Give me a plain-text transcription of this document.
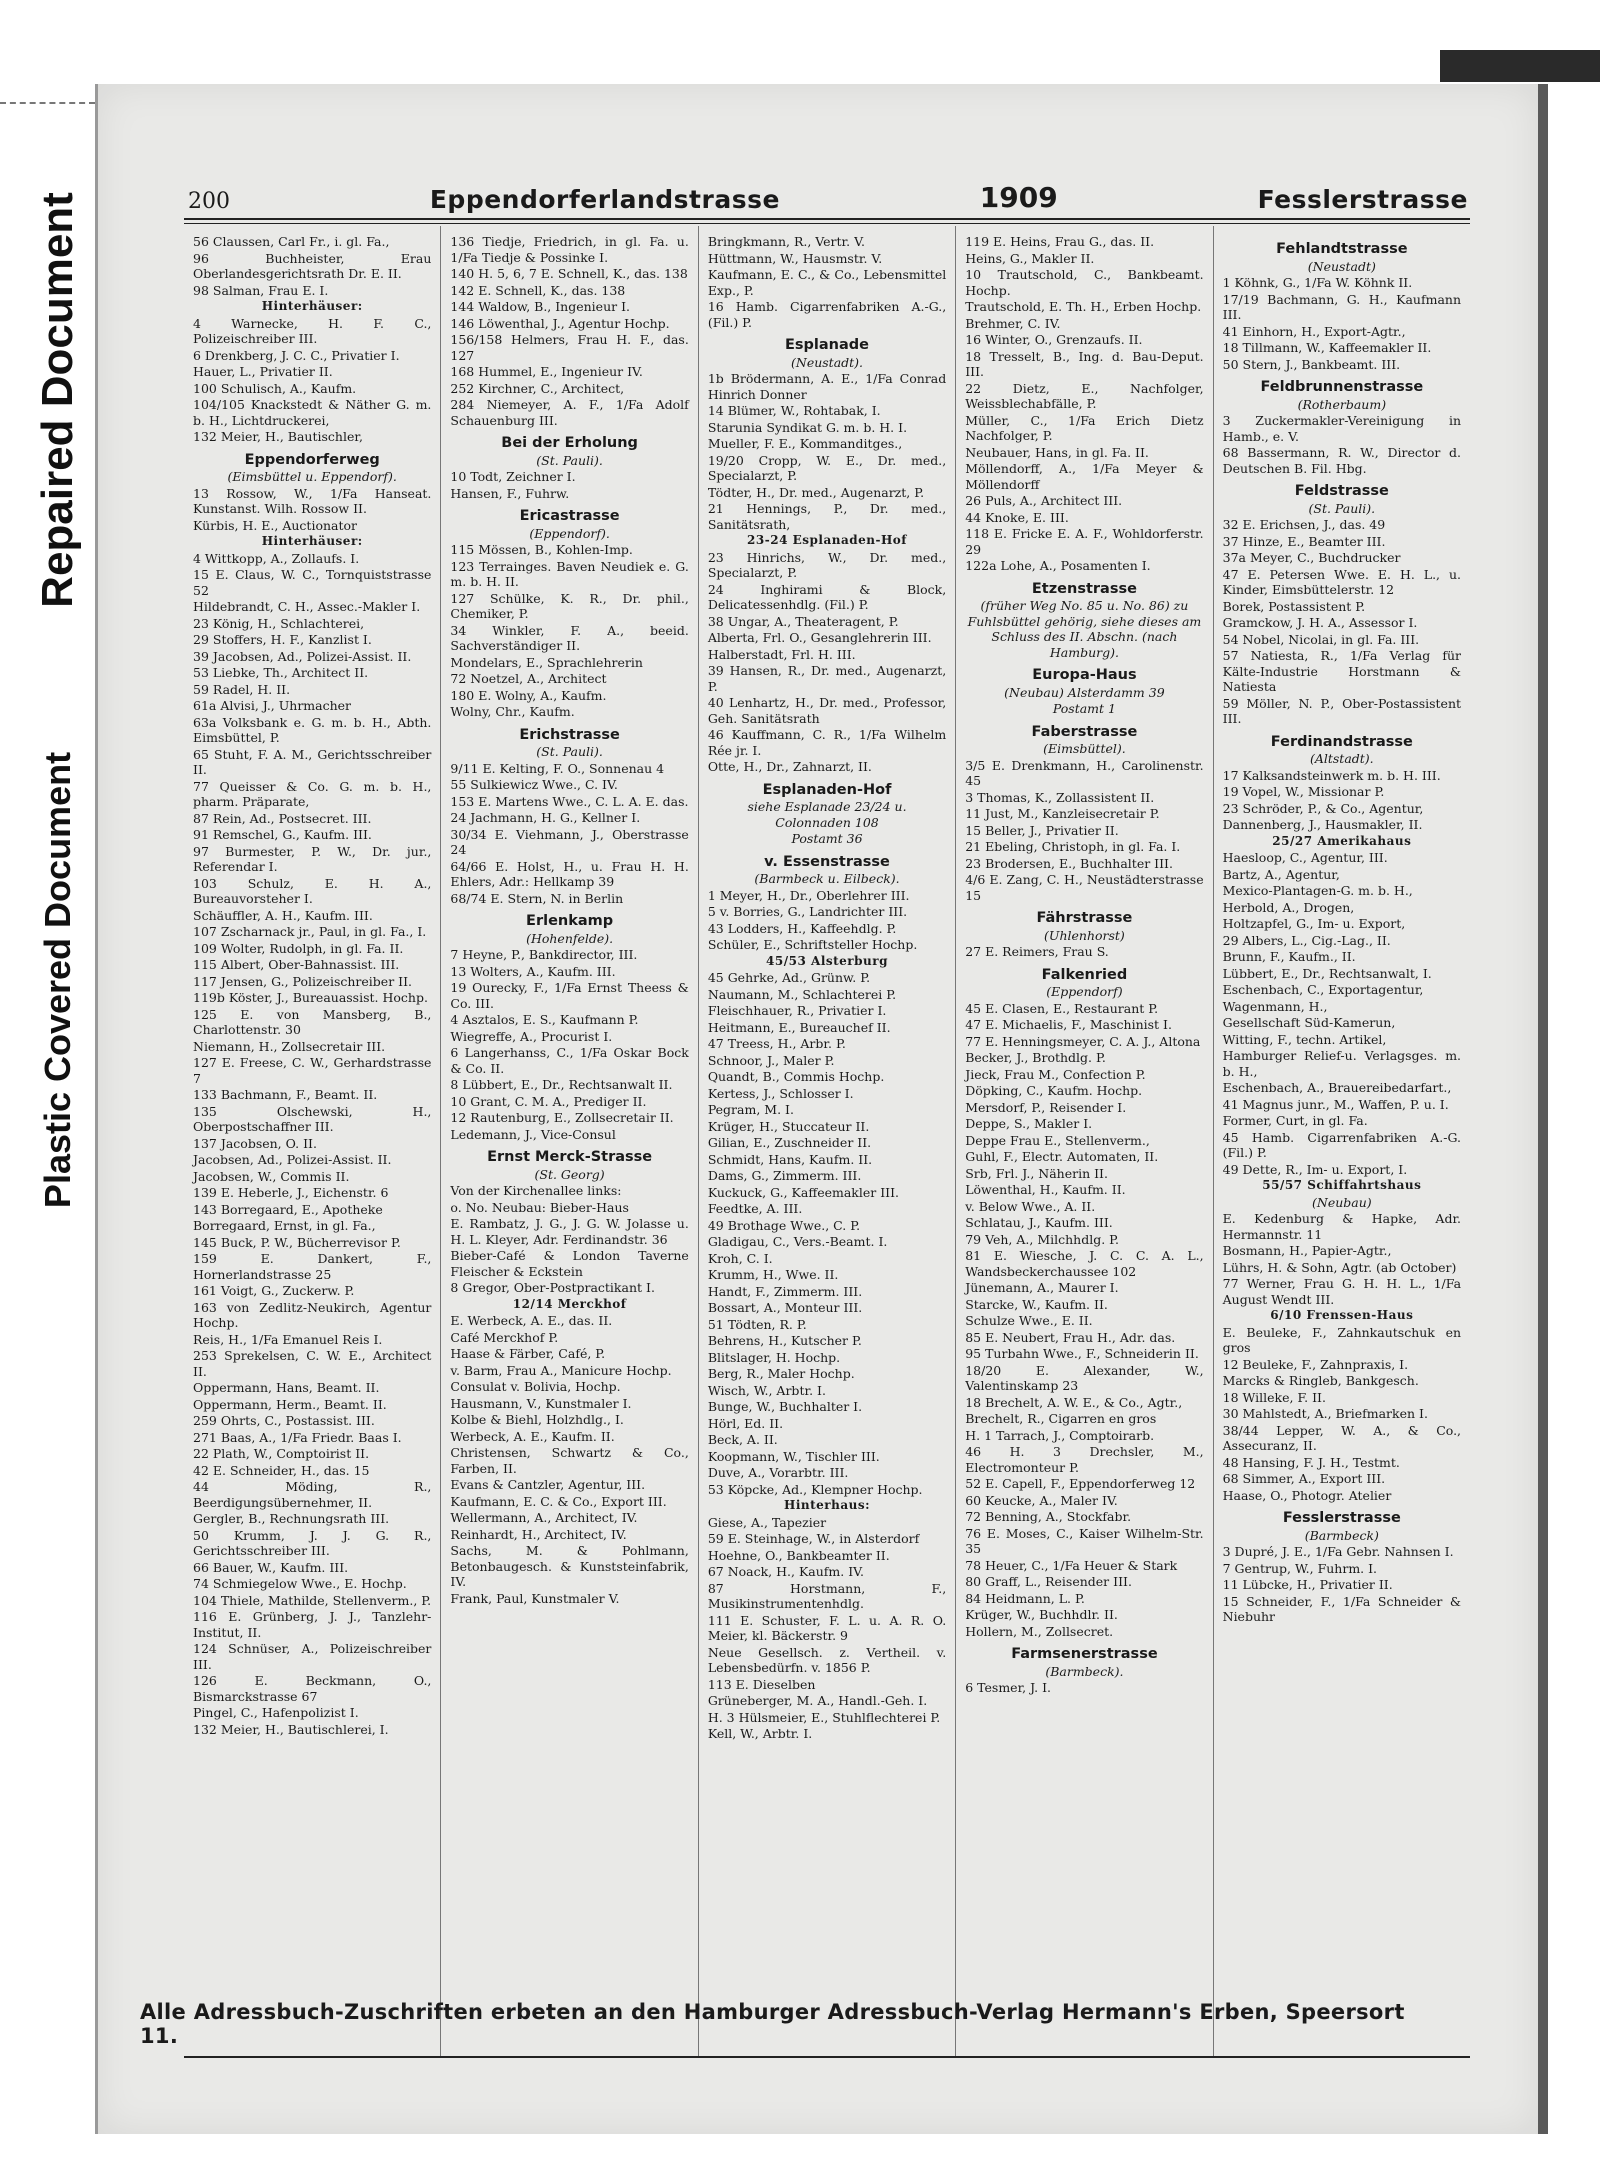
Repaired Document
Plastic Covered Document
200	Eppendorferlandstrasse	1909	Fesslerstrasse
56 Claussen, Carl Fr., i. gl. Fa.,
96 Buchheister, Erau Oberlandesgerichtsrath Dr. E. II.
98 Salman, Frau E. I.
Hinterhäuser:
4 Warnecke, H. F. C., Polizeischreiber III.
6 Drenkberg, J. C. C., Privatier I.
Hauer, L., Privatier II.
100 Schulisch, A., Kaufm.
104/105 Knackstedt & Näther G. m. b. H., Lichtdruckerei,
132 Meier, H., Bautischler,
Eppendorferweg
(Eimsbüttel u. Eppendorf).
13 Rossow, W., 1/Fa Hanseat. Kunstanst. Wilh. Rossow II.
Kürbis, H. E., Auctionator
Hinterhäuser:
4 Wittkopp, A., Zollaufs. I.
15 E. Claus, W. C., Tornquiststrasse 52
Hildebrandt, C. H., Assec.-Makler I.
23 König, H., Schlachterei,
29 Stoffers, H. F., Kanzlist I.
39 Jacobsen, Ad., Polizei-Assist. II.
53 Liebke, Th., Architect II.
59 Radel, H. II.
61a Alvisi, J., Uhrmacher
63a Volksbank e. G. m. b. H., Abth. Eimsbüttel, P.
65 Stuht, F. A. M., Gerichtsschreiber II.
77 Queisser & Co. G. m. b. H., pharm. Präparate,
87 Rein, Ad., Postsecret. III.
91 Remschel, G., Kaufm. III.
97 Burmester, P. W., Dr. jur., Referendar I.
103 Schulz, E. H. A., Bureauvorsteher I.
Schäuffler, A. H., Kaufm. III.
107 Zscharnack jr., Paul, in gl. Fa., I.
109 Wolter, Rudolph, in gl. Fa. II.
115 Albert, Ober-Bahnassist. III.
117 Jensen, G., Polizeischreiber II.
119b Köster, J., Bureauassist. Hochp.
125 E. von Mansberg, B., Charlottenstr. 30
Niemann, H., Zollsecretair III.
127 E. Freese, C. W., Gerhardstrasse 7
133 Bachmann, F., Beamt. II.
135 Olschewski, H., Oberpostschaffner III.
137 Jacobsen, O. II.
Jacobsen, Ad., Polizei-Assist. II.
Jacobsen, W., Commis II.
139 E. Heberle, J., Eichenstr. 6
143 Borregaard, E., Apotheke
Borregaard, Ernst, in gl. Fa.,
145 Buck, P. W., Bücherrevisor P.
159 E. Dankert, F., Hornerlandstrasse 25
161 Voigt, G., Zuckerw. P.
163 von Zedlitz-Neukirch, Agentur Hochp.
Reis, H., 1/Fa Emanuel Reis I.
253 Sprekelsen, C. W. E., Architect II.
Oppermann, Hans, Beamt. II.
Oppermann, Herm., Beamt. II.
259 Ohrts, C., Postassist. III.
271 Baas, A., 1/Fa Friedr. Baas I.
22 Plath, W., Comptoirist II.
42 E. Schneider, H., das. 15
44 Möding, R., Beerdigungsübernehmer, II.
Gergler, B., Rechnungsrath III.
50 Krumm, J. J. G. R., Gerichtsschreiber III.
66 Bauer, W., Kaufm. III.
74 Schmiegelow Wwe., E. Hochp.
104 Thiele, Mathilde, Stellenverm., P.
116 E. Grünberg, J. J., Tanzlehr-Institut, II.
124 Schnüser, A., Polizeischreiber III.
126 E. Beckmann, O., Bismarckstrasse 67
Pingel, C., Hafenpolizist I.
132 Meier, H., Bautischlerei, I.
136 Tiedje, Friedrich, in gl. Fa. u. 1/Fa Tiedje & Possinke I.
140 H. 5, 6, 7 E. Schnell, K., das. 138
142 E. Schnell, K., das. 138
144 Waldow, B., Ingenieur I.
146 Löwenthal, J., Agentur Hochp.
156/158 Helmers, Frau H. F., das. 127
168 Hummel, E., Ingenieur IV.
252 Kirchner, C., Architect,
284 Niemeyer, A. F., 1/Fa Adolf Schauenburg III.
Bei der Erholung
(St. Pauli).
10 Todt, Zeichner I.
Hansen, F., Fuhrw.
Ericastrasse
(Eppendorf).
115 Mössen, B., Kohlen-Imp.
123 Terrainges. Baven Neudiek e. G. m. b. H. II.
127 Schülke, K. R., Dr. phil., Chemiker, P.
34 Winkler, F. A., beeid. Sachverständiger II.
Mondelars, E., Sprachlehrerin
72 Noetzel, A., Architect
180 E. Wolny, A., Kaufm.
Wolny, Chr., Kaufm.
Erichstrasse
(St. Pauli).
9/11 E. Kelting, F. O., Sonnenau 4
55 Sulkiewicz Wwe., C. IV.
153 E. Martens Wwe., C. L. A. E. das.
24 Jachmann, H. G., Kellner I.
30/34 E. Viehmann, J., Oberstrasse 24
64/66 E. Holst, H., u. Frau H. H. Ehlers, Adr.: Hellkamp 39
68/74 E. Stern, N. in Berlin
Erlenkamp
(Hohenfelde).
7 Heyne, P., Bankdirector, III.
13 Wolters, A., Kaufm. III.
19 Ourecky, F., 1/Fa Ernst Theess & Co. III.
4 Asztalos, E. S., Kaufmann P.
Wiegreffe, A., Procurist I.
6 Langerhanss, C., 1/Fa Oskar Bock & Co. II.
8 Lübbert, E., Dr., Rechtsanwalt II.
10 Grant, C. M. A., Prediger II.
12 Rautenburg, E., Zollsecretair II.
Ledemann, J., Vice-Consul
Ernst Merck-Strasse
(St. Georg)
Von der Kirchenallee links:
o. No. Neubau: Bieber-Haus
E. Rambatz, J. G., J. G. W. Jolasse u. H. L. Kleyer, Adr. Ferdinandstr. 36
Bieber-Café & London Taverne Fleischer & Eckstein
8 Gregor, Ober-Postpractikant I.
12/14 Merckhof
E. Werbeck, A. E., das. II.
Café Merckhof P.
Haase & Färber, Café, P.
v. Barm, Frau A., Manicure Hochp.
Consulat v. Bolivia, Hochp.
Hausmann, V., Kunstmaler I.
Kolbe & Biehl, Holzhdlg., I.
Werbeck, A. E., Kaufm. II.
Christensen, Schwartz & Co., Farben, II.
Evans & Cantzler, Agentur, III.
Kaufmann, E. C. & Co., Export III.
Wellermann, A., Architect, IV.
Reinhardt, H., Architect, IV.
Sachs, M. & Pohlmann, Betonbaugesch. & Kunststeinfabrik, IV.
Frank, Paul, Kunstmaler V.
Bringkmann, R., Vertr. V.
Hüttmann, W., Hausmstr. V.
Kaufmann, E. C., & Co., Lebensmittel Exp., P.
16 Hamb. Cigarrenfabriken A.-G., (Fil.) P.
Esplanade
(Neustadt).
1b Brödermann, A. E., 1/Fa Conrad Hinrich Donner
14 Blümer, W., Rohtabak, I.
Starunia Syndikat G. m. b. H. I.
Mueller, F. E., Kommanditges.,
19/20 Cropp, W. E., Dr. med., Specialarzt, P.
Tödter, H., Dr. med., Augenarzt, P.
21 Hennings, P., Dr. med., Sanitätsrath,
23-24 Esplanaden-Hof
23 Hinrichs, W., Dr. med., Specialarzt, P.
24 Inghirami & Block, Delicatessenhdlg. (Fil.) P.
38 Ungar, A., Theateragent, P.
Alberta, Frl. O., Gesanglehrerin III.
Halberstadt, Frl. H. III.
39 Hansen, R., Dr. med., Augenarzt, P.
40 Lenhartz, H., Dr. med., Professor, Geh. Sanitätsrath
46 Kauffmann, C. R., 1/Fa Wilhelm Rée jr. I.
Otte, H., Dr., Zahnarzt, II.
Esplanaden-Hof
siehe Esplanade 23/24 u. Colonnaden 108
Postamt 36
v. Essenstrasse
(Barmbeck u. Eilbeck).
1 Meyer, H., Dr., Oberlehrer III.
5 v. Borries, G., Landrichter III.
43 Lodders, H., Kaffeehdlg. P.
Schüler, E., Schriftsteller Hochp.
45/53 Alsterburg
45 Gehrke, Ad., Grünw. P.
Naumann, M., Schlachterei P.
Fleischhauer, R., Privatier I.
Heitmann, E., Bureauchef II.
47 Treess, H., Arbr. P.
Schnoor, J., Maler P.
Quandt, B., Commis Hochp.
Kertess, J., Schlosser I.
Pegram, M. I.
Krüger, H., Stuccateur II.
Gilian, E., Zuschneider II.
Schmidt, Hans, Kaufm. II.
Dams, G., Zimmerm. III.
Kuckuck, G., Kaffeemakler III.
Feedtke, A. III.
49 Brothage Wwe., C. P.
Gladigau, C., Vers.-Beamt. I.
Kroh, C. I.
Krumm, H., Wwe. II.
Handt, F., Zimmerm. III.
Bossart, A., Monteur III.
51 Tödten, R. P.
Behrens, H., Kutscher P.
Blitslager, H. Hochp.
Berg, R., Maler Hochp.
Wisch, W., Arbtr. I.
Bunge, W., Buchhalter I.
Hörl, Ed. II.
Beck, A. II.
Koopmann, W., Tischler III.
Duve, A., Vorarbtr. III.
53 Köpcke, Ad., Klempner Hochp.
Hinterhaus:
Giese, A., Tapezier
59 E. Steinhage, W., in Alsterdorf
Hoehne, O., Bankbeamter II.
67 Noack, H., Kaufm. IV.
87 Horstmann, F., Musikinstrumentenhdlg.
111 E. Schuster, F. L. u. A. R. O. Meier, kl. Bäckerstr. 9
Neue Gesellsch. z. Vertheil. v. Lebensbedürfn. v. 1856 P.
113 E. Dieselben
Grüneberger, M. A., Handl.-Geh. I.
H. 3 Hülsmeier, E., Stuhlflechterei P.
Kell, W., Arbtr. I.
119 E. Heins, Frau G., das. II.
Heins, G., Makler II.
10 Trautschold, C., Bankbeamt. Hochp.
Trautschold, E. Th. H., Erben Hochp.
Brehmer, C. IV.
16 Winter, O., Grenzaufs. II.
18 Tresselt, B., Ing. d. Bau-Deput. III.
22 Dietz, E., Nachfolger, Weissblechabfälle, P.
Müller, C., 1/Fa Erich Dietz Nachfolger, P.
Neubauer, Hans, in gl. Fa. II.
Möllendorff, A., 1/Fa Meyer & Möllendorff
26 Puls, A., Architect III.
44 Knoke, E. III.
118 E. Fricke E. A. F., Wohldorferstr. 29
122a Lohe, A., Posamenten I.
Etzenstrasse
(früher Weg No. 85 u. No. 86) zu Fuhlsbüttel gehörig, siehe dieses am Schluss des II. Abschn. (nach Hamburg).
Europa-Haus
(Neubau) Alsterdamm 39
Postamt 1
Faberstrasse
(Eimsbüttel).
3/5 E. Drenkmann, H., Carolinenstr. 45
3 Thomas, K., Zollassistent II.
11 Just, M., Kanzleisecretair P.
15 Beller, J., Privatier II.
21 Ebeling, Christoph, in gl. Fa. I.
23 Brodersen, E., Buchhalter III.
4/6 E. Zang, C. H., Neustädterstrasse 15
Fährstrasse
(Uhlenhorst)
27 E. Reimers, Frau S.
Falkenried
(Eppendorf)
45 E. Clasen, E., Restaurant P.
47 E. Michaelis, F., Maschinist I.
77 E. Henningsmeyer, C. A. J., Altona
Becker, J., Brothdlg. P.
Jieck, Frau M., Confection P.
Döpking, C., Kaufm. Hochp.
Mersdorf, P., Reisender I.
Deppe, S., Makler I.
Deppe Frau E., Stellenverm.,
Guhl, F., Electr. Automaten, II.
Srb, Frl. J., Näherin II.
Löwenthal, H., Kaufm. II.
v. Below Wwe., A. II.
Schlatau, J., Kaufm. III.
79 Veh, A., Milchhdlg. P.
81 E. Wiesche, J. C. C. A. L., Wandsbeckerchaussee 102
Jünemann, A., Maurer I.
Starcke, W., Kaufm. II.
Schulze Wwe., E. II.
85 E. Neubert, Frau H., Adr. das.
95 Turbahn Wwe., F., Schneiderin II.
18/20 E. Alexander, W., Valentinskamp 23
18 Brechelt, A. W. E., & Co., Agtr.,
Brechelt, R., Cigarren en gros
H. 1 Tarrach, J., Comptoirarb.
46 H. 3 Drechsler, M., Electromonteur P.
52 E. Capell, F., Eppendorferweg 12
60 Keucke, A., Maler IV.
72 Benning, A., Stockfabr.
76 E. Moses, C., Kaiser Wilhelm-Str. 35
78 Heuer, C., 1/Fa Heuer & Stark
80 Graff, L., Reisender III.
84 Heidmann, L. P.
Krüger, W., Buchhdlr. II.
Hollern, M., Zollsecret.
Farmsenerstrasse
(Barmbeck).
6 Tesmer, J. I.
Fehlandtstrasse
(Neustadt)
1 Köhnk, G., 1/Fa W. Köhnk II.
17/19 Bachmann, G. H., Kaufmann III.
41 Einhorn, H., Export-Agtr.,
18 Tillmann, W., Kaffeemakler II.
50 Stern, J., Bankbeamt. III.
Feldbrunnenstrasse
(Rotherbaum)
3 Zuckermakler-Vereinigung in Hamb., e. V.
68 Bassermann, R. W., Director d. Deutschen B. Fil. Hbg.
Feldstrasse
(St. Pauli).
32 E. Erichsen, J., das. 49
37 Hinze, E., Beamter III.
37a Meyer, C., Buchdrucker
47 E. Petersen Wwe. E. H. L., u. Kinder, Eimsbüttelerstr. 12
Borek, Postassistent P.
Gramckow, J. H. A., Assessor I.
54 Nobel, Nicolai, in gl. Fa. III.
57 Natiesta, R., 1/Fa Verlag für Kälte-Industrie Horstmann & Natiesta
59 Möller, N. P., Ober-Postassistent III.
Ferdinandstrasse
(Altstadt).
17 Kalksandsteinwerk m. b. H. III.
19 Vopel, W., Missionar P.
23 Schröder, P., & Co., Agentur,
Dannenberg, J., Hausmakler, II.
25/27 Amerikahaus
Haesloop, C., Agentur, III.
Bartz, A., Agentur,
Mexico-Plantagen-G. m. b. H.,
Herbold, A., Drogen,
Holtzapfel, G., Im- u. Export,
29 Albers, L., Cig.-Lag., II.
Brunn, F., Kaufm., II.
Lübbert, E., Dr., Rechtsanwalt, I.
Eschenbach, C., Exportagentur,
Wagenmann, H.,
Gesellschaft Süd-Kamerun,
Witting, F., techn. Artikel,
Hamburger Relief-u. Verlagsges. m. b. H.,
Eschenbach, A., Brauereibedarfart.,
41 Magnus junr., M., Waffen, P. u. I.
Former, Curt, in gl. Fa.
45 Hamb. Cigarrenfabriken A.-G. (Fil.) P.
49 Dette, R., Im- u. Export, I.
55/57 Schiffahrtshaus
(Neubau)
E. Kedenburg & Hapke, Adr. Hermannstr. 11
Bosmann, H., Papier-Agtr.,
Lührs, H. & Sohn, Agtr. (ab October)
77 Werner, Frau G. H. H. L., 1/Fa August Wendt III.
6/10 Frenssen-Haus
E. Beuleke, F., Zahnkautschuk en gros
12 Beuleke, F., Zahnpraxis, I.
Marcks & Ringleb, Bankgesch.
18 Willeke, F. II.
30 Mahlstedt, A., Briefmarken I.
38/44 Lepper, W. A., & Co., Assecuranz, II.
48 Hansing, F. J. H., Testmt.
68 Simmer, A., Export III.
Haase, O., Photogr. Atelier
Fesslerstrasse
(Barmbeck)
3 Dupré, J. E., 1/Fa Gebr. Nahnsen I.
7 Gentrup, W., Fuhrm. I.
11 Lübcke, H., Privatier II.
15 Schneider, F., 1/Fa Schneider & Niebuhr
Alle Adressbuch-Zuschriften erbeten an den Hamburger Adressbuch-Verlag Hermann's Erben, Speersort 11.
